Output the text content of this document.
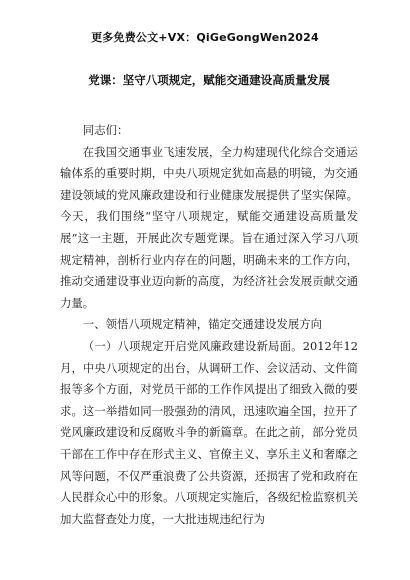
更多免费公文+VX：QiGeGongWen2024
党课：坚守八项规定，赋能交通建设高质量发展

同志们：

在我国交通事业飞速发展，全力构建现代化综合交通运输体系的重要时期，中央八项规定犹如高悬的明镜，为交通建设领域的党风廉政建设和行业健康发展提供了坚实保障。今天，我们围绕“坚守八项规定，赋能交通建设高质量发展”这一主题，开展此次专题党课。旨在通过深入学习八项规定精神，剖析行业内存在的问题，明确未来的工作方向，推动交通建设事业迈向新的高度，为经济社会发展贡献交通力量。

一、领悟八项规定精神，锚定交通建设发展方向

（一）八项规定开启党风廉政建设新局面。2012年12月，中央八项规定的出台，从调研工作、会议活动、文件简报等多个方面，对党员干部的工作作风提出了细致入微的要求。这一举措如同一股强劲的清风，迅速吹遍全国，拉开了党风廉政建设和反腐败斗争的新篇章。在此之前，部分党员干部在工作中存在形式主义、官僚主义、享乐主义和奢靡之风等问题，不仅严重浪费了公共资源，还损害了党和政府在人民群众心中的形象。八项规定实施后，各级纪检监察机关加大监督查处力度，一大批违规违纪行为
